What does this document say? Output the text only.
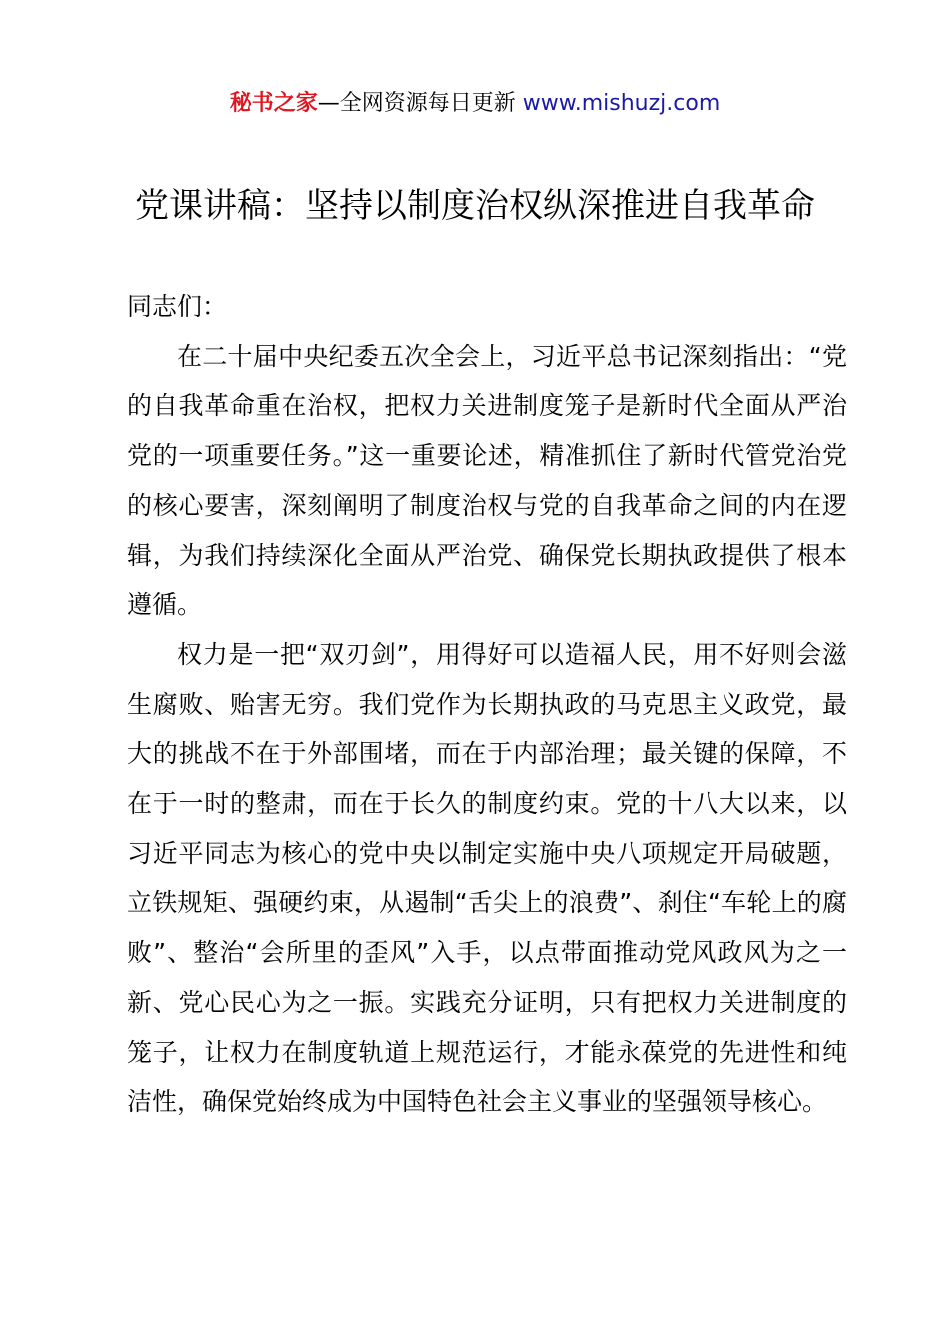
秘书之家—全网资源每日更新 www.mishuzj.com
党课讲稿：坚持以制度治权纵深推进自我革命

同志们：

在二十届中央纪委五次全会上，习近平总书记深刻指出：“党的自我革命重在治权，把权力关进制度笼子是新时代全面从严治党的一项重要任务。”这一重要论述，精准抓住了新时代管党治党的核心要害，深刻阐明了制度治权与党的自我革命之间的内在逻辑，为我们持续深化全面从严治党、确保党长期执政提供了根本遵循。

权力是一把“双刃剑”，用得好可以造福人民，用不好则会滋生腐败、贻害无穷。我们党作为长期执政的马克思主义政党，最大的挑战不在于外部围堵，而在于内部治理；最关键的保障，不在于一时的整肃，而在于长久的制度约束。党的十八大以来，以习近平同志为核心的党中央以制定实施中央八项规定开局破题，立铁规矩、强硬约束，从遏制“舌尖上的浪费”、刹住“车轮上的腐败”、整治“会所里的歪风”入手，以点带面推动党风政风为之一新、党心民心为之一振。实践充分证明，只有把权力关进制度的笼子，让权力在制度轨道上规范运行，才能永葆党的先进性和纯洁性，确保党始终成为中国特色社会主义事业的坚强领导核心。
